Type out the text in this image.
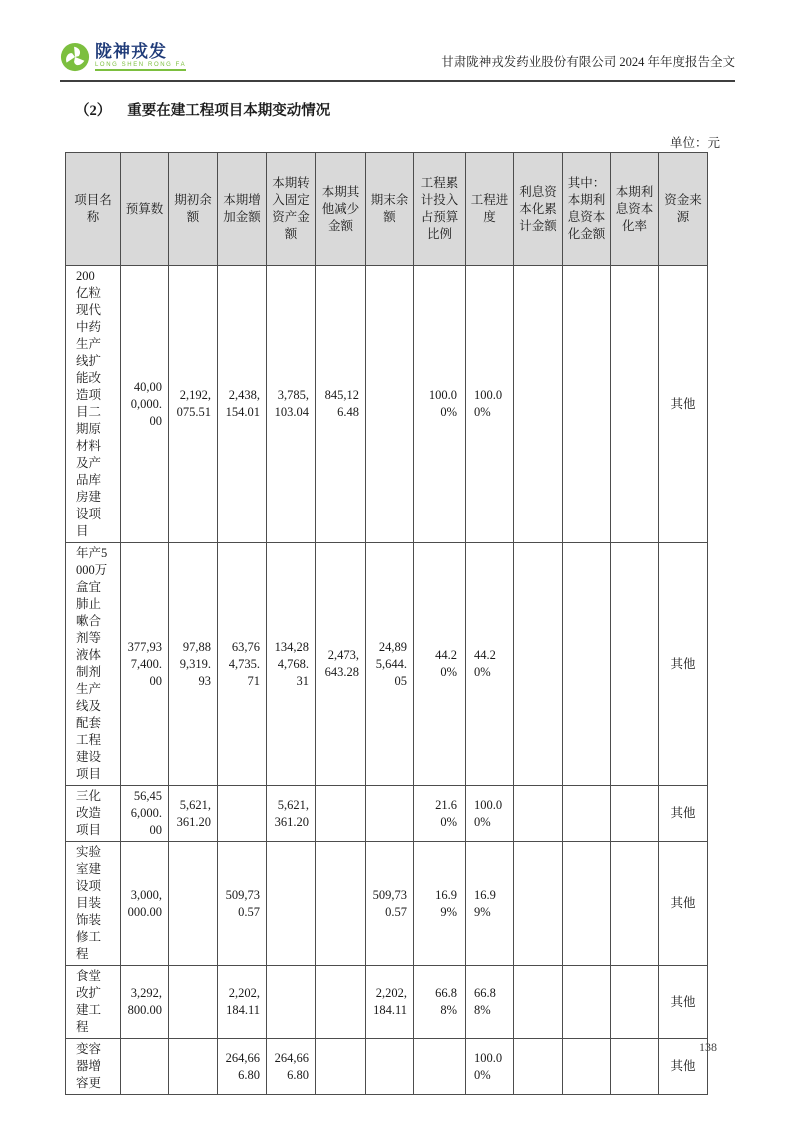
陇神戎发
LONG SHEN RONG FA	甘肃陇神戎发药业股份有限公司 2024 年年度报告全文
（2） 重要在建工程项目本期变动情况
单位：元
项目名称	预算数	期初余额	本期增加金额	本期转入固定资产金额	本期其他减少金额	期末余额	工程累计投入占预算比例	工程进度	利息资本化累计金额	其中：本期利息资本化金额	本期利息资本化率	资金来源
200 亿粒现代中药生产线扩能改造项目二期原材料及产品库房建设项目	40,000,000.00	2,192,075.51	2,438,154.01	3,785,103.04	845,126.48		100.00%	100.00%				其他
年产5000万盒宜肺止嗽合剂等液体制剂生产线及配套工程建设项目	377,937,400.00	97,889,319.93	63,764,735.71	134,284,768.31	2,473,643.28	24,895,644.05	44.20%	44.20%				其他
三化改造项目	56,456,000.00	5,621,361.20		5,621,361.20			21.60%	100.00%				其他
实验室建设项目装饰装修工程	3,000,000.00		509,730.57			509,730.57	16.99%	16.99%				其他
食堂改扩建工程	3,292,800.00		2,202,184.11			2,202,184.11	66.88%	66.88%				其他
变容器增容更			264,666.80	264,666.80				100.00%				其他
138
